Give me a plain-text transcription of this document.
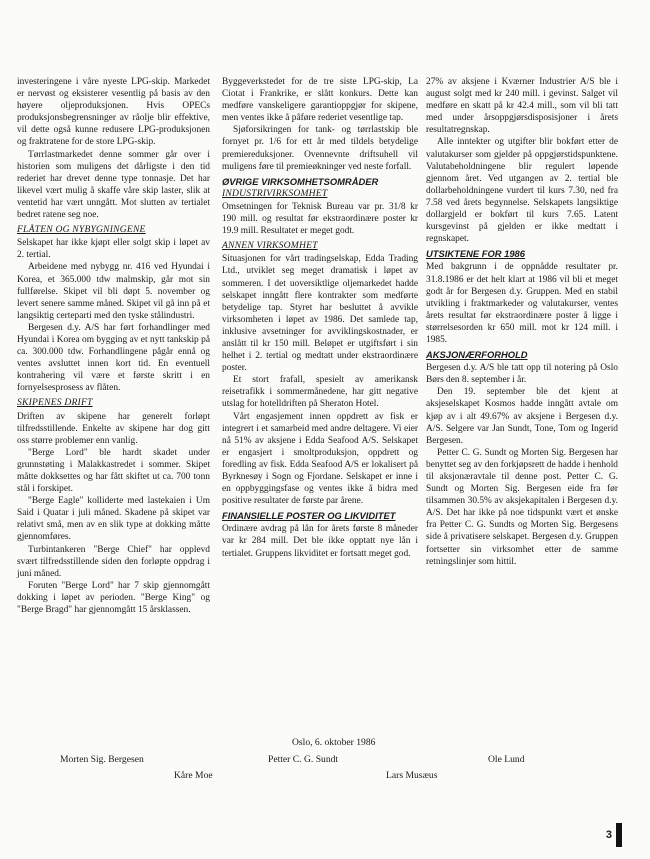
investeringene i våre nyeste LPG-skip. Markedet er nervøst og eksisterer vesentlig på basis av den høyere oljeproduksjonen. Hvis OPECs produksjonsbegrensninger av råolje blir effektive, vil dette også kunne redusere LPG-produksjonen og fraktratene for de store LPG-skip.

Tørrlastmarkedet denne sommer går over i historien som muligens det dårligste i den tid rederiet har drevet denne type tonnasje. Det har likevel vært mulig å skaffe våre skip laster, slik at ventetid har vært unngått. Mot slutten av tertialet bedret ratene seg noe.

FLÅTEN OG NYBYGNINGENE

Selskapet har ikke kjøpt eller solgt skip i løpet av 2. tertial.

Arbeidene med nybygg nr. 416 ved Hyundai i Korea, et 365.000 tdw malmskip, går mot sin fullførelse. Skipet vil bli døpt 5. november og levert senere samme måned. Skipet vil gå inn på et langsiktig certeparti med den tyske stålindustri.

Bergesen d.y. A/S har ført forhandlinger med Hyundai i Korea om bygging av et nytt tankskip på ca. 300.000 tdw. Forhandlingene pågår ennå og ventes avsluttet innen kort tid. En eventuell kontrahering vil være et første skritt i en fornyelsesprosess av flåten.

SKIPENES DRIFT

Driften av skipene har generelt forløpt tilfredsstillende. Enkelte av skipene har dog gitt oss større problemer enn vanlig.

"Berge Lord" ble hardt skadet under grunnstøting i Malakkastredet i sommer. Skipet måtte dokksettes og har fått skiftet ut ca. 700 tonn stål i forskipet.

"Berge Eagle" kolliderte med lastekaien i Um Said i Quatar i juli måned. Skadene på skipet var relativt små, men av en slik type at dokking måtte gjennomføres.

Turbintankeren "Berge Chief" har opplevd svært tilfredsstillende siden den forløpte oppdrag i juni måned.

Foruten "Berge Lord" har 7 skip gjennomgått dokking i løpet av perioden. "Berge King" og "Berge Bragd" har gjennomgått 15 årsklassen.

Byggeverkstedet for de tre siste LPG-skip, La Ciotat i Frankrike, er slått konkurs. Dette kan medføre vanskeligere garantioppgjør for skipene, men ventes ikke å påføre rederiet vesentlige tap.

Sjøforsikringen for tank- og tørrlastskip ble fornyet pr. 1/6 for ett år med tildels betydelige premiereduksjoner. Ovennevnte driftsuhell vil muligens føre til premieøkninger ved neste forfall.

ØVRIGE VIRKSOMHETSOMRÅDER
INDUSTRIVIRKSOMHET

Omsetningen for Teknisk Bureau var pr. 31/8 kr 190 mill. og resultat før ekstraordinære poster kr 19.9 mill. Resultatet er meget godt.

ANNEN VIRKSOMHET

Situasjonen for vårt tradingselskap, Edda Trading Ltd., utviklet seg meget dramatisk i løpet av sommeren. I det uoversiktlige oljemarkedet hadde selskapet inngått flere kontrakter som medførte betydelige tap. Styret har besluttet å avvikle virksomheten i løpet av 1986. Det samlede tap, inklusive avsetninger for avviklingskostnader, er anslått til kr 150 mill. Beløpet er utgiftsført i sin helhet i 2. tertial og medtatt under ekstraordinære poster.

Et stort frafall, spesielt av amerikansk reisetrafikk i sommermånedene, har gitt negative utslag for hotelldriften på Sheraton Hotel.

Vårt engasjement innen oppdrett av fisk er integrert i et samarbeid med andre deltagere. Vi eier nå 51% av aksjene i Edda Seafood A/S. Selskapet er engasjert i smoltproduksjon, oppdrett og foredling av fisk. Edda Seafood A/S er lokalisert på Byrknesøy i Sogn og Fjordane. Selskapet er inne i en oppbyggingsfase og ventes ikke å bidra med positive resultater de første par årene.

FINANSIELLE POSTER OG LIKVIDITET

Ordinære avdrag på lån for årets første 8 måneder var kr 284 mill. Det ble ikke opptatt nye lån i tertialet. Gruppens likviditet er fortsatt meget god.

27% av aksjene i Kværner Industrier A/S ble i august solgt med kr 240 mill. i gevinst. Salget vil medføre en skatt på kr 42.4 mill., som vil bli tatt med under årsoppgjørsdisposisjoner i årets resultatregnskap.

Alle inntekter og utgifter blir bokført etter de valutakurser som gjelder på oppgjørstidspunktene. Valutabeholdningene blir regulert løpende gjennom året. Ved utgangen av 2. tertial ble dollarbeholdningene vurdert til kurs 7.30, ned fra 7.58 ved årets begynnelse. Selskapets langsiktige dollargjeld er bokført til kurs 7.65. Latent kursgevinst på gjelden er ikke medtatt i regnskapet.

UTSIKTENE FOR 1986

Med bakgrunn i de oppnådde resultater pr. 31.8.1986 er det helt klart at 1986 vil bli et meget godt år for Bergesen d.y. Gruppen. Med en stabil utvikling i fraktmarkeder og valutakurser, ventes årets resultat før ekstraordinære poster å ligge i størrelsesorden kr 650 mill. mot kr 124 mill. i 1985.

AKSJONÆRFORHOLD

Bergesen d.y. A/S ble tatt opp til notering på Oslo Børs den 8. september i år.

Den 19. september ble det kjent at aksjeselskapet Kosmos hadde inngått avtale om kjøp av i alt 49.67% av aksjene i Bergesen d.y. A/S. Selgere var Jan Sundt, Tone, Tom og Ingerid Bergesen.

Petter C. G. Sundt og Morten Sig. Bergesen har benyttet seg av den forkjøpsrett de hadde i henhold til aksjonæravtale til denne post. Petter C. G. Sundt og Morten Sig. Bergesen eide fra før tilsammen 30.5% av aksjekapitalen i Bergesen d.y. A/S. Det har ikke på noe tidspunkt vært et ønske fra Petter C. G. Sundts og Morten Sig. Bergesens side å privatisere selskapet. Bergesen d.y. Gruppen fortsetter sin virksomhet etter de samme retningslinjer som hittil.

Oslo, 6. oktober 1986
Morten Sig. Bergesen	Petter C. G. Sundt	Ole Lund
Kåre Moe	Lars Musæus
3
